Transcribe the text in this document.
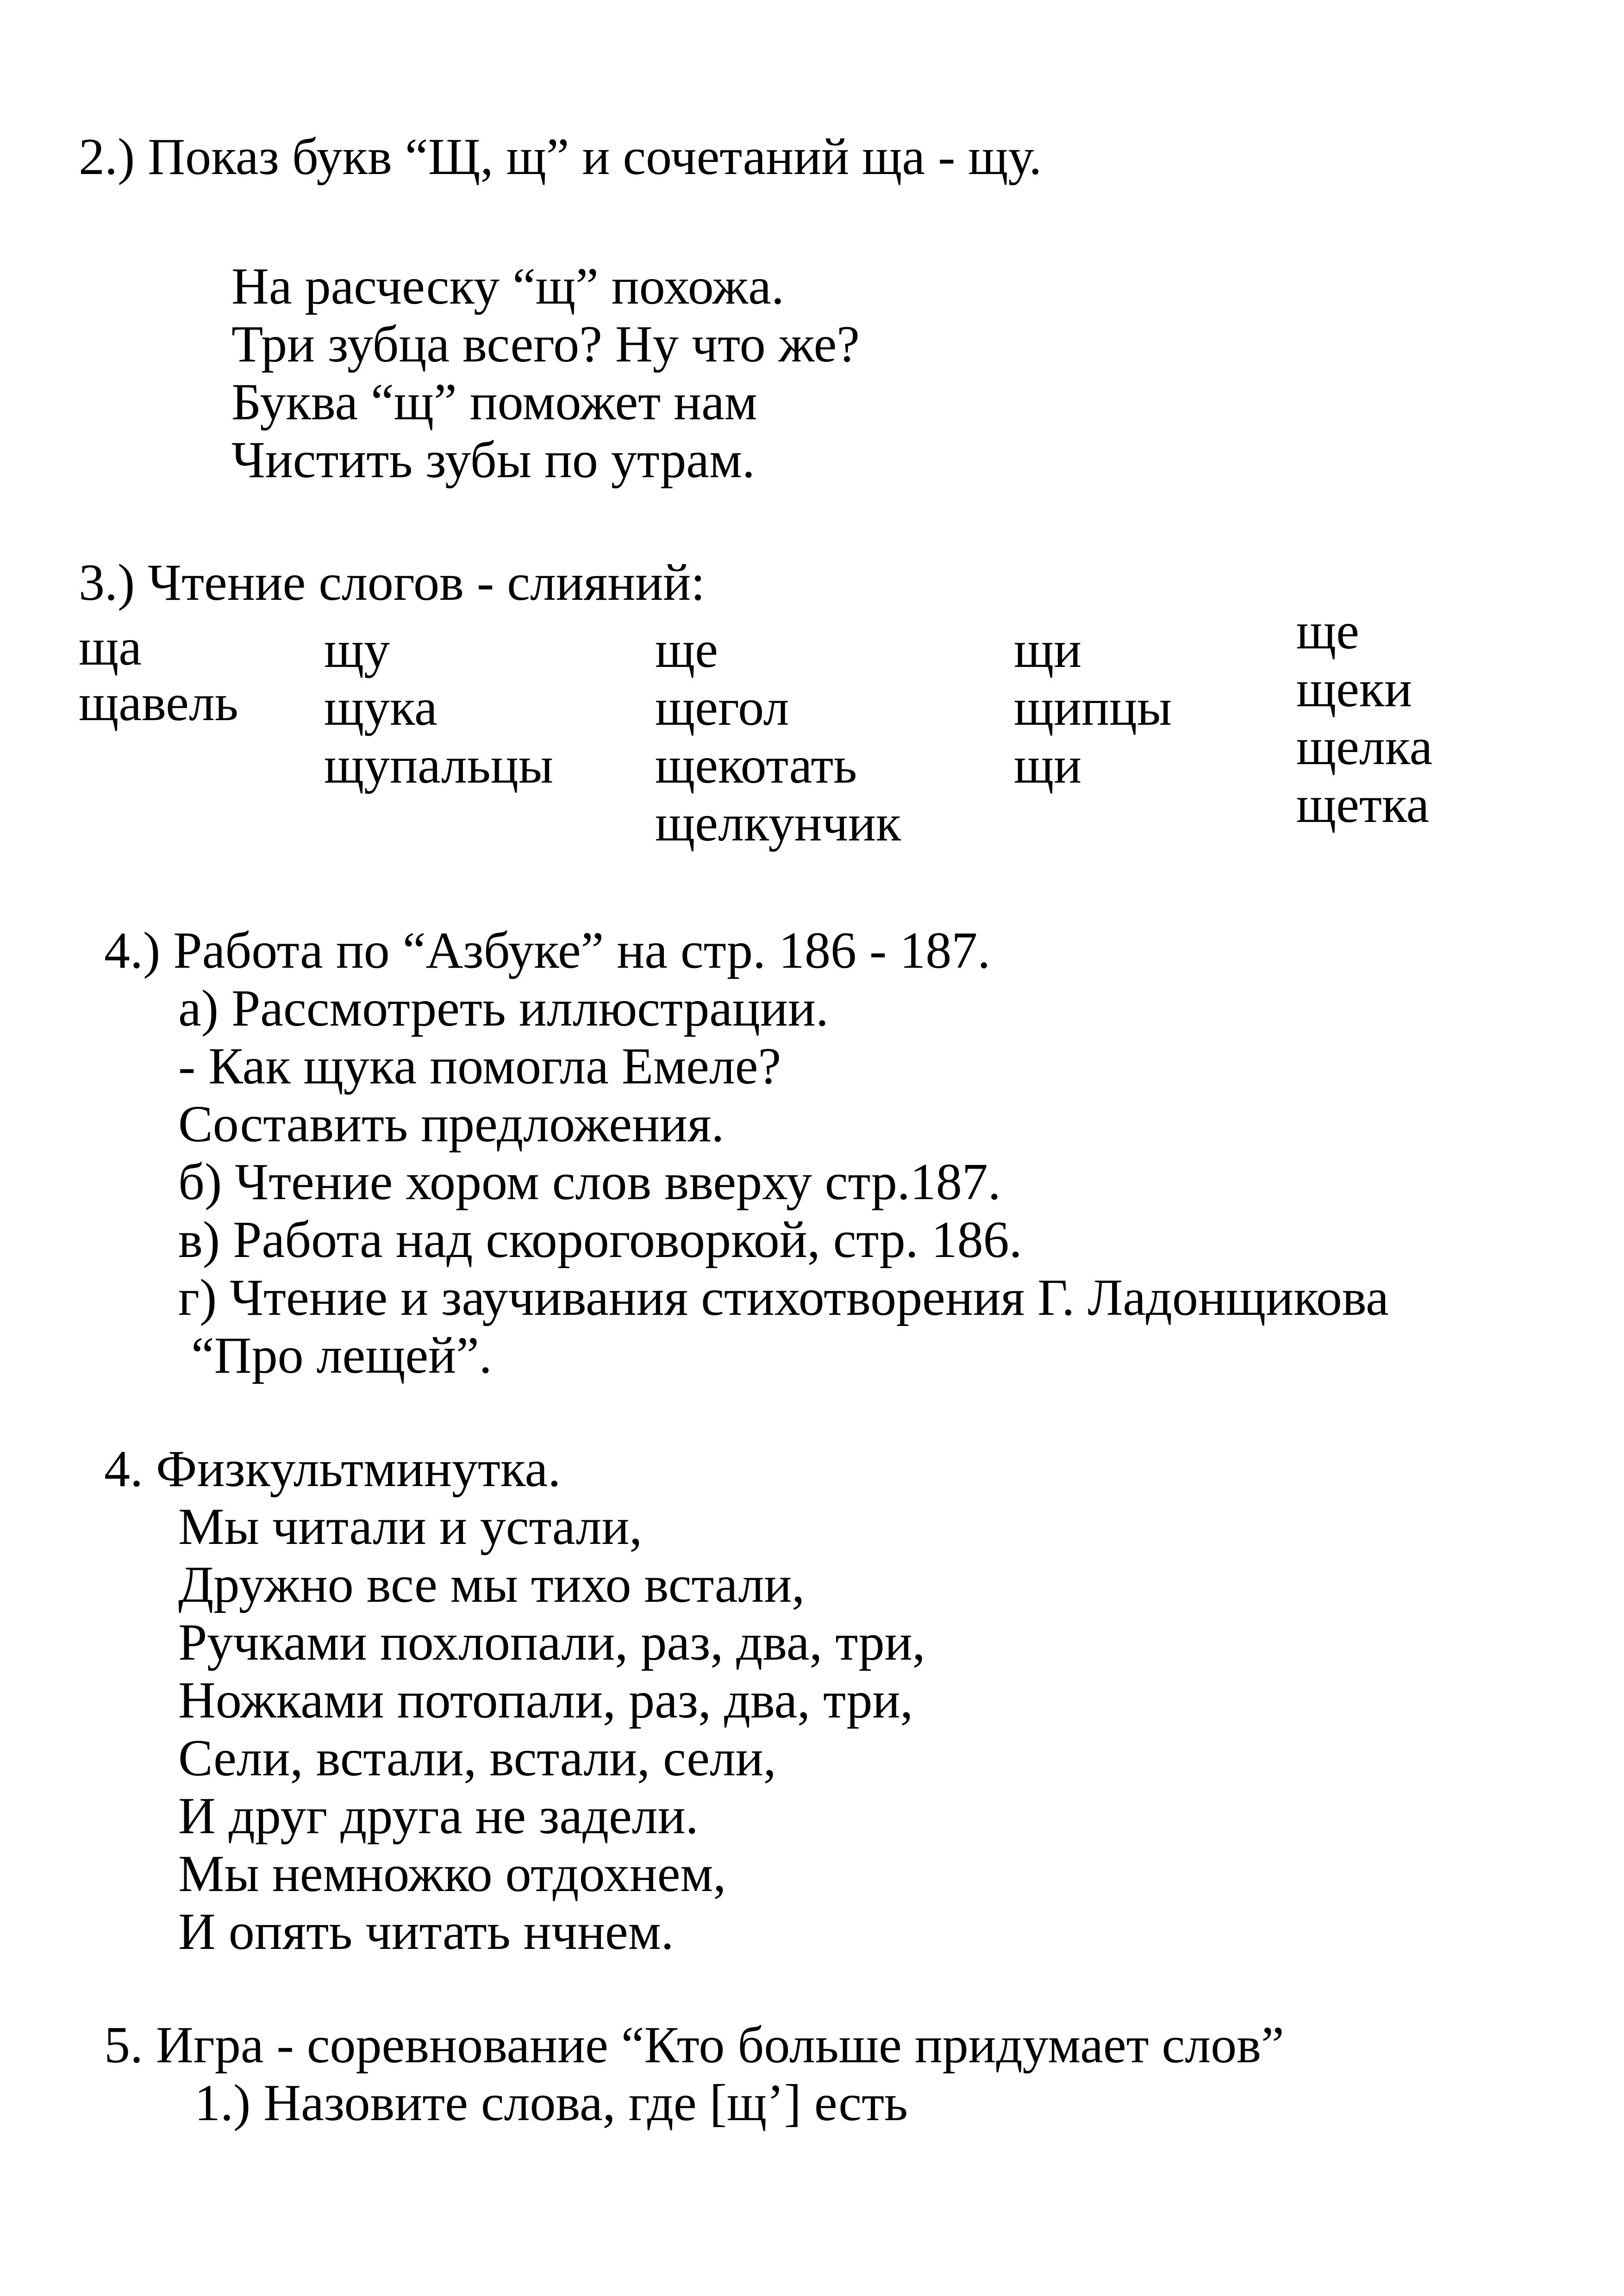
2.) Показ букв “Щ, щ” и сочетаний ща - щу.
На расческу “щ” похожа.
Три зубца всего? Ну что же?
Буква “щ” поможет нам
Чистить зубы по утрам.
3.) Чтение слогов - слияний:
ща
щавель
щу
щука
щупальцы
ще
щегол
щекотать
щелкунчик
щи
щипцы
щи
ще
щеки
щелка
щетка
4.) Работа по “Азбуке” на стр. 186 - 187.
а) Рассмотреть иллюстрации.
- Как щука помогла Емеле?
Составить предложения.
б) Чтение хором слов вверху стр.187.
в) Работа над скороговоркой, стр. 186.
г) Чтение и заучивания стихотворения Г. Ладонщикова
“Про лещей”.
4. Физкультминутка.
Мы читали и устали,
Дружно все мы тихо встали,
Ручками похлопали, раз, два, три,
Ножками потопали, раз, два, три,
Сели, встали, встали, сели,
И друг друга не задели.
Мы немножко отдохнем,
И опять читать нчнем.
5. Игра - соревнование “Кто больше придумает слов”
1.) Назовите слова, где [щ’] есть
